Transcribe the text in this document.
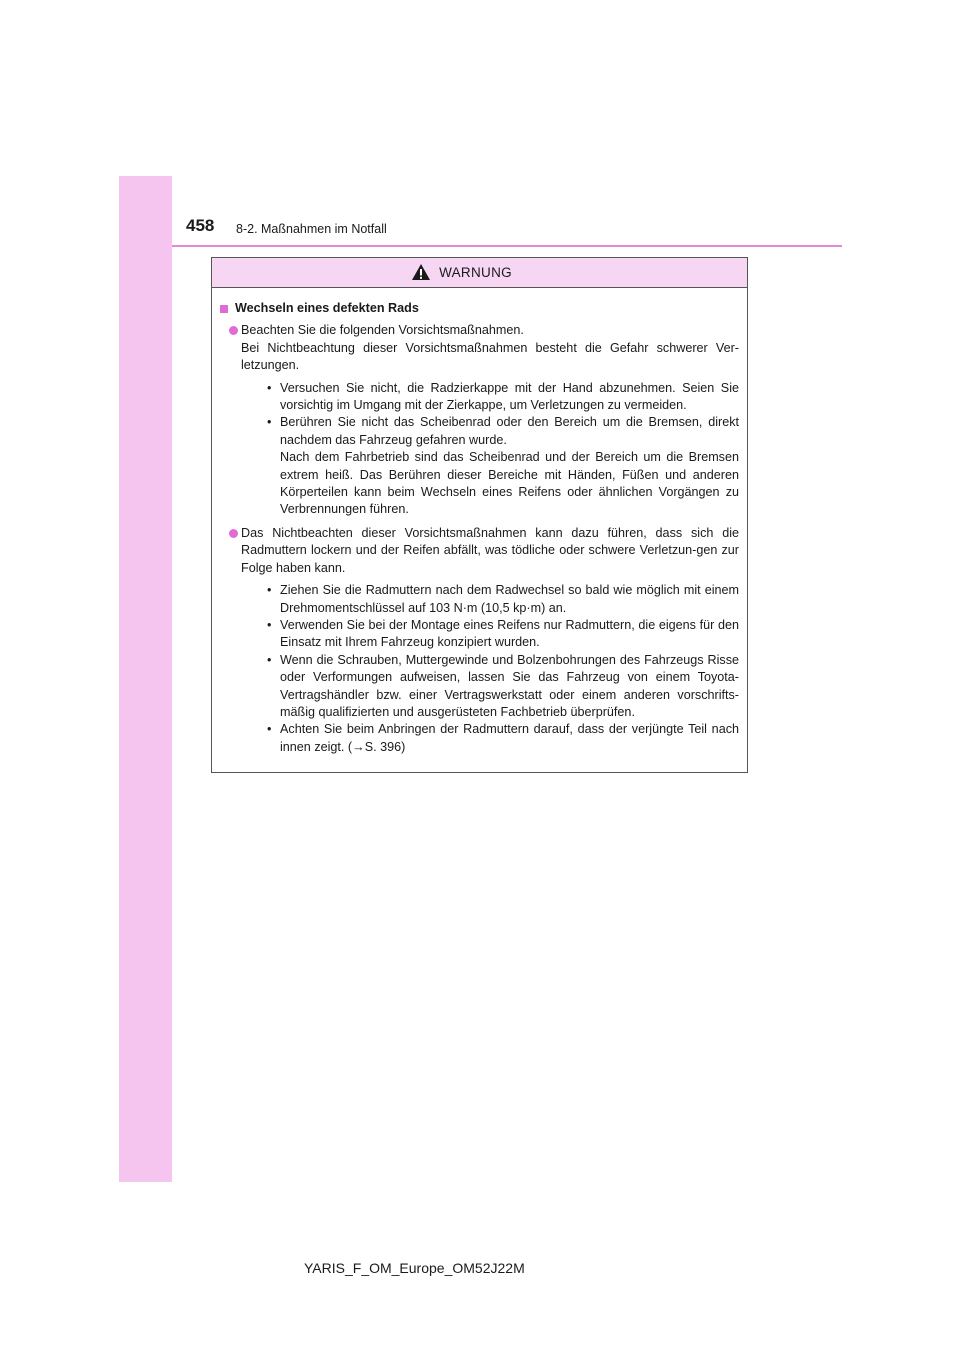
458 8-2. Maßnahmen im Notfall
WARNUNG
Wechseln eines defekten Rads
Beachten Sie die folgenden Vorsichtsmaßnahmen.
Bei Nichtbeachtung dieser Vorsichtsmaßnahmen besteht die Gefahr schwerer Ver-letzungen.
• Versuchen Sie nicht, die Radzierkappe mit der Hand abzunehmen. Seien Sie vorsichtig im Umgang mit der Zierkappe, um Verletzungen zu vermeiden.
• Berühren Sie nicht das Scheibenrad oder den Bereich um die Bremsen, direkt nachdem das Fahrzeug gefahren wurde.
Nach dem Fahrbetrieb sind das Scheibenrad und der Bereich um die Bremsen extrem heiß. Das Berühren dieser Bereiche mit Händen, Füßen und anderen Körperteilen kann beim Wechseln eines Reifens oder ähnlichen Vorgängen zu Verbrennungen führen.
Das Nichtbeachten dieser Vorsichtsmaßnahmen kann dazu führen, dass sich die Radmuttern lockern und der Reifen abfällt, was tödliche oder schwere Verletzun-gen zur Folge haben kann.
• Ziehen Sie die Radmuttern nach dem Radwechsel so bald wie möglich mit einem Drehmomentschlüssel auf 103 N·m (10,5 kp·m) an.
• Verwenden Sie bei der Montage eines Reifens nur Radmuttern, die eigens für den Einsatz mit Ihrem Fahrzeug konzipiert wurden.
• Wenn die Schrauben, Muttergewinde und Bolzenbohrungen des Fahrzeugs Risse oder Verformungen aufweisen, lassen Sie das Fahrzeug von einem Toyota-Vertragshändler bzw. einer Vertragswerkstatt oder einem anderen vorschrifts-mäßig qualifizierten und ausgerüsteten Fachbetrieb überprüfen.
• Achten Sie beim Anbringen der Radmuttern darauf, dass der verjüngte Teil nach innen zeigt. (→S. 396)
YARIS_F_OM_Europe_OM52J22M
